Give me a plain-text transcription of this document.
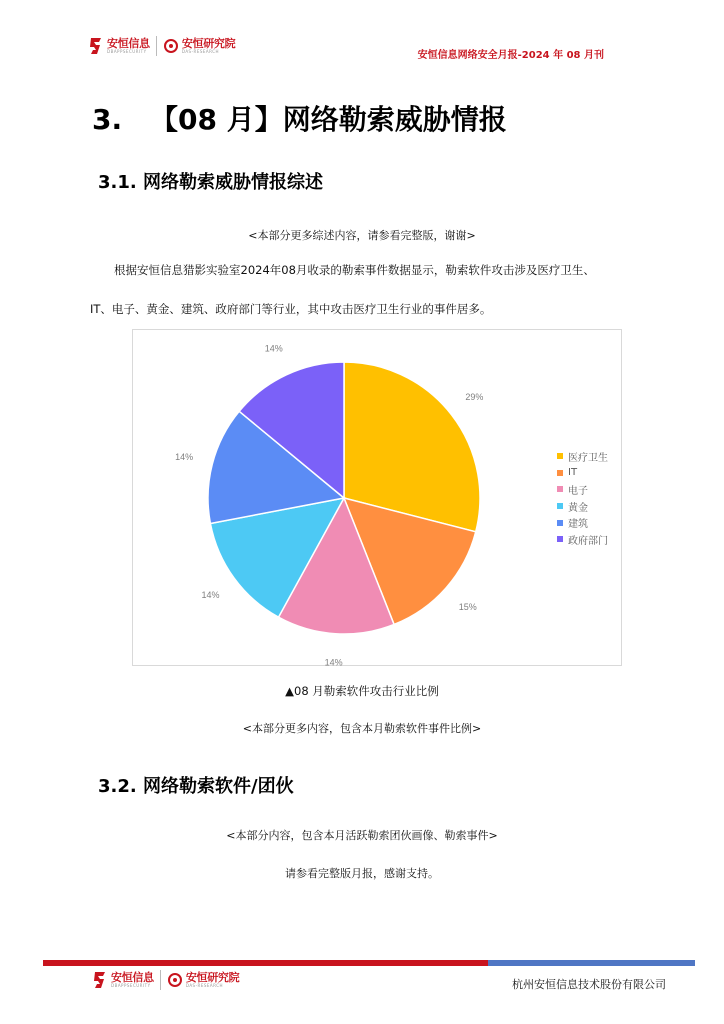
安恒信息
DBAPPSECURITY
安恒研究院
DAS-RESEARCH	安恒信息网络安全月报-2024 年 08 月刊
3. 【08 月】网络勒索威胁情报
3.1. 网络勒索威胁情报综述
<本部分更多综述内容，请参看完整版，谢谢>
根据安恒信息猎影实验室2024年08月收录的勒索事件数据显示，勒索软件攻击涉及医疗卫生、
IT、电子、黄金、建筑、政府部门等行业，其中攻击医疗卫生行业的事件居多。
29%
15%
14%
14%
14%
14%
医疗卫生
IT
电子
黄金
建筑
政府部门
▲08 月勒索软件攻击行业比例
<本部分更多内容，包含本月勒索软件事件比例>
3.2. 网络勒索软件/团伙
<本部分内容，包含本月活跃勒索团伙画像、勒索事件>
请参看完整版月报，感谢支持。
安恒信息
DBAPPSECURITY
安恒研究院
DAS-RESEARCH	杭州安恒信息技术股份有限公司
